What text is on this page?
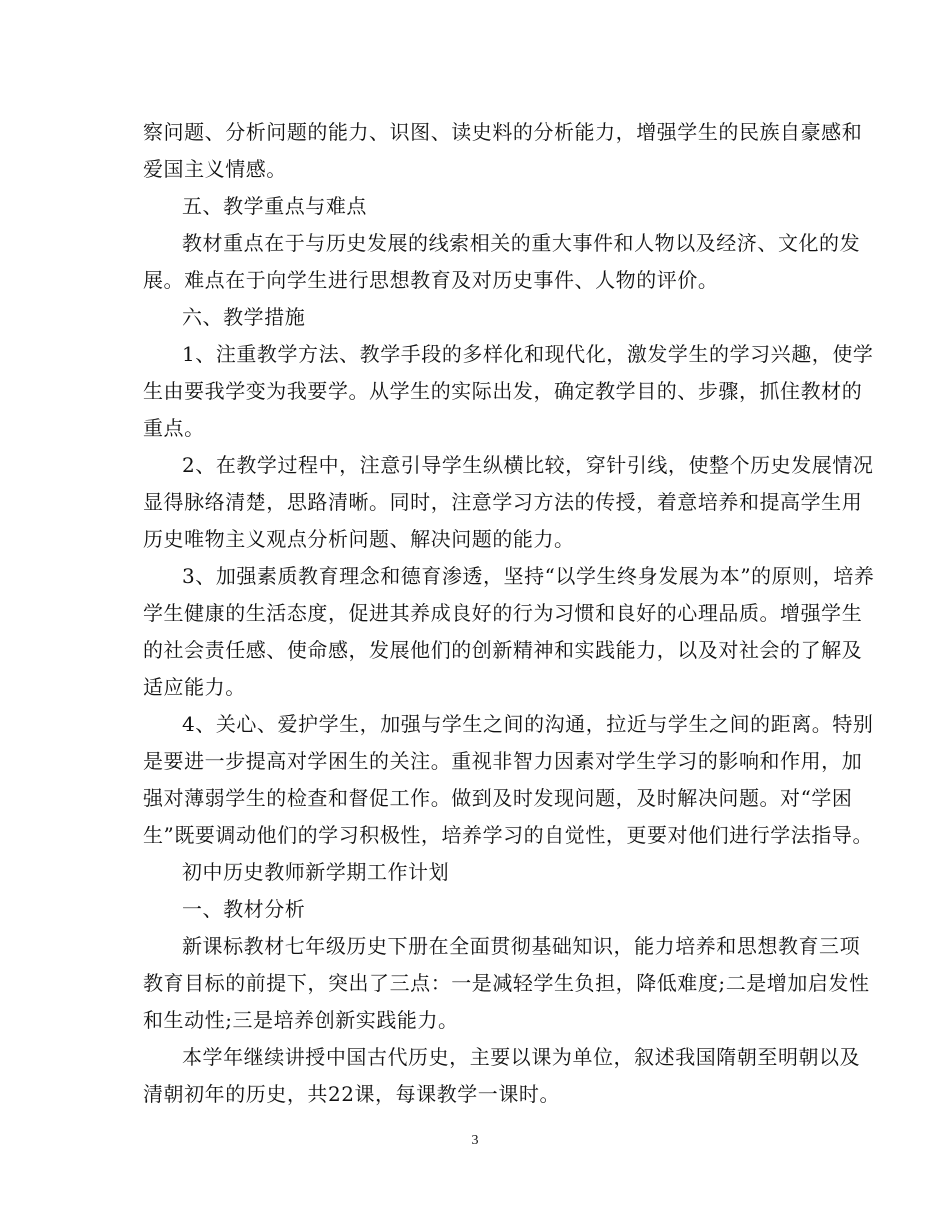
察问题、分析问题的能力、识图、读史料的分析能力，增强学生的民族自豪感和
爱国主义情感。
五、教学重点与难点
教材重点在于与历史发展的线索相关的重大事件和人物以及经济、文化的发
展。难点在于向学生进行思想教育及对历史事件、人物的评价。
六、教学措施
1、注重教学方法、教学手段的多样化和现代化，激发学生的学习兴趣，使学
生由要我学变为我要学。从学生的实际出发，确定教学目的、步骤，抓住教材的
重点。
2、在教学过程中，注意引导学生纵横比较，穿针引线，使整个历史发展情况
显得脉络清楚，思路清晰。同时，注意学习方法的传授，着意培养和提高学生用
历史唯物主义观点分析问题、解决问题的能力。
3、加强素质教育理念和德育渗透，坚持“以学生终身发展为本”的原则，培养
学生健康的生活态度，促进其养成良好的行为习惯和良好的心理品质。增强学生
的社会责任感、使命感，发展他们的创新精神和实践能力，以及对社会的了解及
适应能力。
4、关心、爱护学生，加强与学生之间的沟通，拉近与学生之间的距离。特别
是要进一步提高对学困生的关注。重视非智力因素对学生学习的影响和作用，加
强对薄弱学生的检查和督促工作。做到及时发现问题，及时解决问题。对“学困
生”既要调动他们的学习积极性，培养学习的自觉性，更要对他们进行学法指导。
初中历史教师新学期工作计划
一、教材分析
新课标教材七年级历史下册在全面贯彻基础知识，能力培养和思想教育三项
教育目标的前提下，突出了三点：一是减轻学生负担，降低难度;二是增加启发性
和生动性;三是培养创新实践能力。
本学年继续讲授中国古代历史，主要以课为单位，叙述我国隋朝至明朝以及
清朝初年的历史，共22课，每课教学一课时。
3
